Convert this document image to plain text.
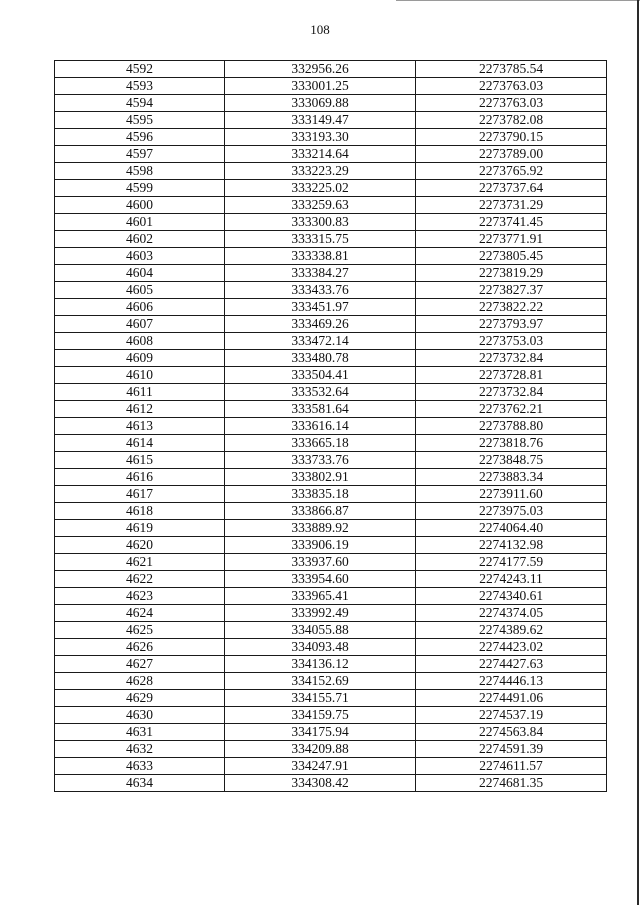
108
4592	332956.26	2273785.54
4593	333001.25	2273763.03
4594	333069.88	2273763.03
4595	333149.47	2273782.08
4596	333193.30	2273790.15
4597	333214.64	2273789.00
4598	333223.29	2273765.92
4599	333225.02	2273737.64
4600	333259.63	2273731.29
4601	333300.83	2273741.45
4602	333315.75	2273771.91
4603	333338.81	2273805.45
4604	333384.27	2273819.29
4605	333433.76	2273827.37
4606	333451.97	2273822.22
4607	333469.26	2273793.97
4608	333472.14	2273753.03
4609	333480.78	2273732.84
4610	333504.41	2273728.81
4611	333532.64	2273732.84
4612	333581.64	2273762.21
4613	333616.14	2273788.80
4614	333665.18	2273818.76
4615	333733.76	2273848.75
4616	333802.91	2273883.34
4617	333835.18	2273911.60
4618	333866.87	2273975.03
4619	333889.92	2274064.40
4620	333906.19	2274132.98
4621	333937.60	2274177.59
4622	333954.60	2274243.11
4623	333965.41	2274340.61
4624	333992.49	2274374.05
4625	334055.88	2274389.62
4626	334093.48	2274423.02
4627	334136.12	2274427.63
4628	334152.69	2274446.13
4629	334155.71	2274491.06
4630	334159.75	2274537.19
4631	334175.94	2274563.84
4632	334209.88	2274591.39
4633	334247.91	2274611.57
4634	334308.42	2274681.35
